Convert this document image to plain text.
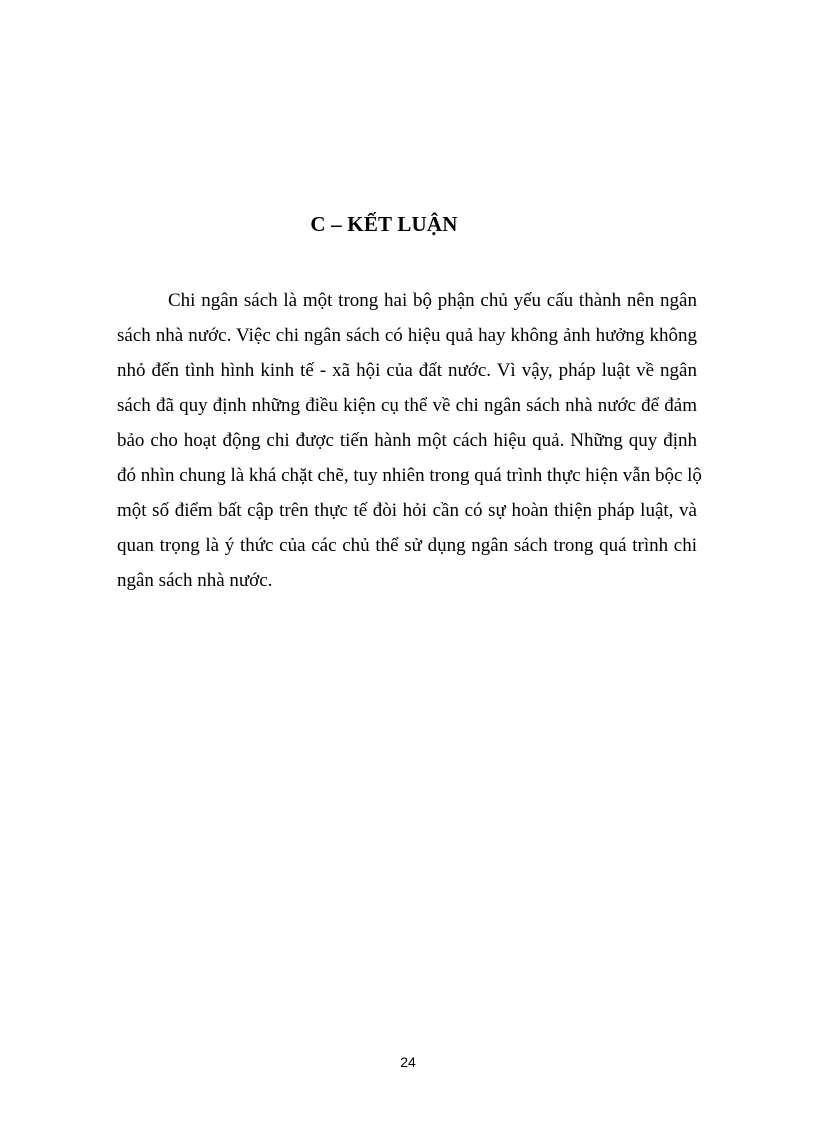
C – KẾT LUẬN

Chi ngân sách là một trong hai bộ phận chủ yếu cấu thành nên ngân
sách nhà nước. Việc chi ngân sách có hiệu quả hay không ảnh hưởng không
nhỏ đến tình hình kinh tế - xã hội của đất nước. Vì vậy, pháp luật về ngân
sách đã quy định những điều kiện cụ thể về chi ngân sách nhà nước để đảm
bảo cho hoạt động chi được tiến hành một cách hiệu quả. Những quy định
đó nhìn chung là khá chặt chẽ, tuy nhiên trong quá trình thực hiện vẫn bộc lộ
một số điểm bất cập trên thực tế đòi hỏi cần có sự hoàn thiện pháp luật, và
quan trọng là ý thức của các chủ thể sử dụng ngân sách trong quá trình chi
ngân sách nhà nước.

24
